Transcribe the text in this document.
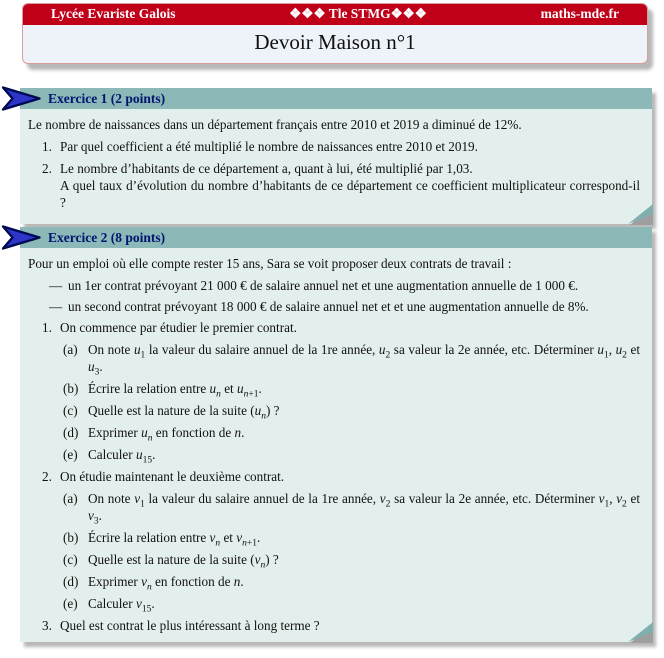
Lycée Evariste Galois	❖❖❖ Tle STMG❖❖❖	maths-mde.fr
Devoir Maison n°1
Exercice 1 (2 points)

Le nombre de naissances dans un département français entre 2010 et 2019 a diminué de 12%.

1. Par quel coefficient a été multiplié le nombre de naissances entre 2010 et 2019.
2. Le nombre d’habitants de ce département a, quant à lui, été multiplié par 1,03.

A quel taux d’évolution du nombre d’habitants de ce département ce coefficient multiplicateur correspond-il ?

Exercice 2 (8 points)

Pour un emploi où elle compte rester 15 ans, Sara se voit proposer deux contrats de travail :

— un 1er contrat prévoyant 21 000 € de salaire annuel net et une augmentation annuelle de 1 000 €.
— un second contrat prévoyant 18 000 € de salaire annuel net et et une augmentation annuelle de 8%.
1. On commence par étudier le premier contrat.
(a) On note $u_1$ la valeur du salaire annuel de la 1re année, $u_2$ sa valeur la 2e année, etc. Déterminer $u_1$, $u_2$ et $u_3$.
(b) Écrire la relation entre $u_n$ et $u_{n+1}$.
(c) Quelle est la nature de la suite $(u_n)$ ?
(d) Exprimer $u_n$ en fonction de n.
(e) Calculer $u_{15}$.
2. On étudie maintenant le deuxième contrat.
(a) On note $v_1$ la valeur du salaire annuel de la 1re année, $v_2$ sa valeur la 2e année, etc. Déterminer $v_1$, $v_2$ et $v_3$.
(b) Écrire la relation entre $v_n$ et $v_{n+1}$.
(c) Quelle est la nature de la suite $(v_n)$ ?
(d) Exprimer $v_n$ en fonction de n.
(e) Calculer $v_{15}$.
3. Quel est contrat le plus intéressant à long terme ?
